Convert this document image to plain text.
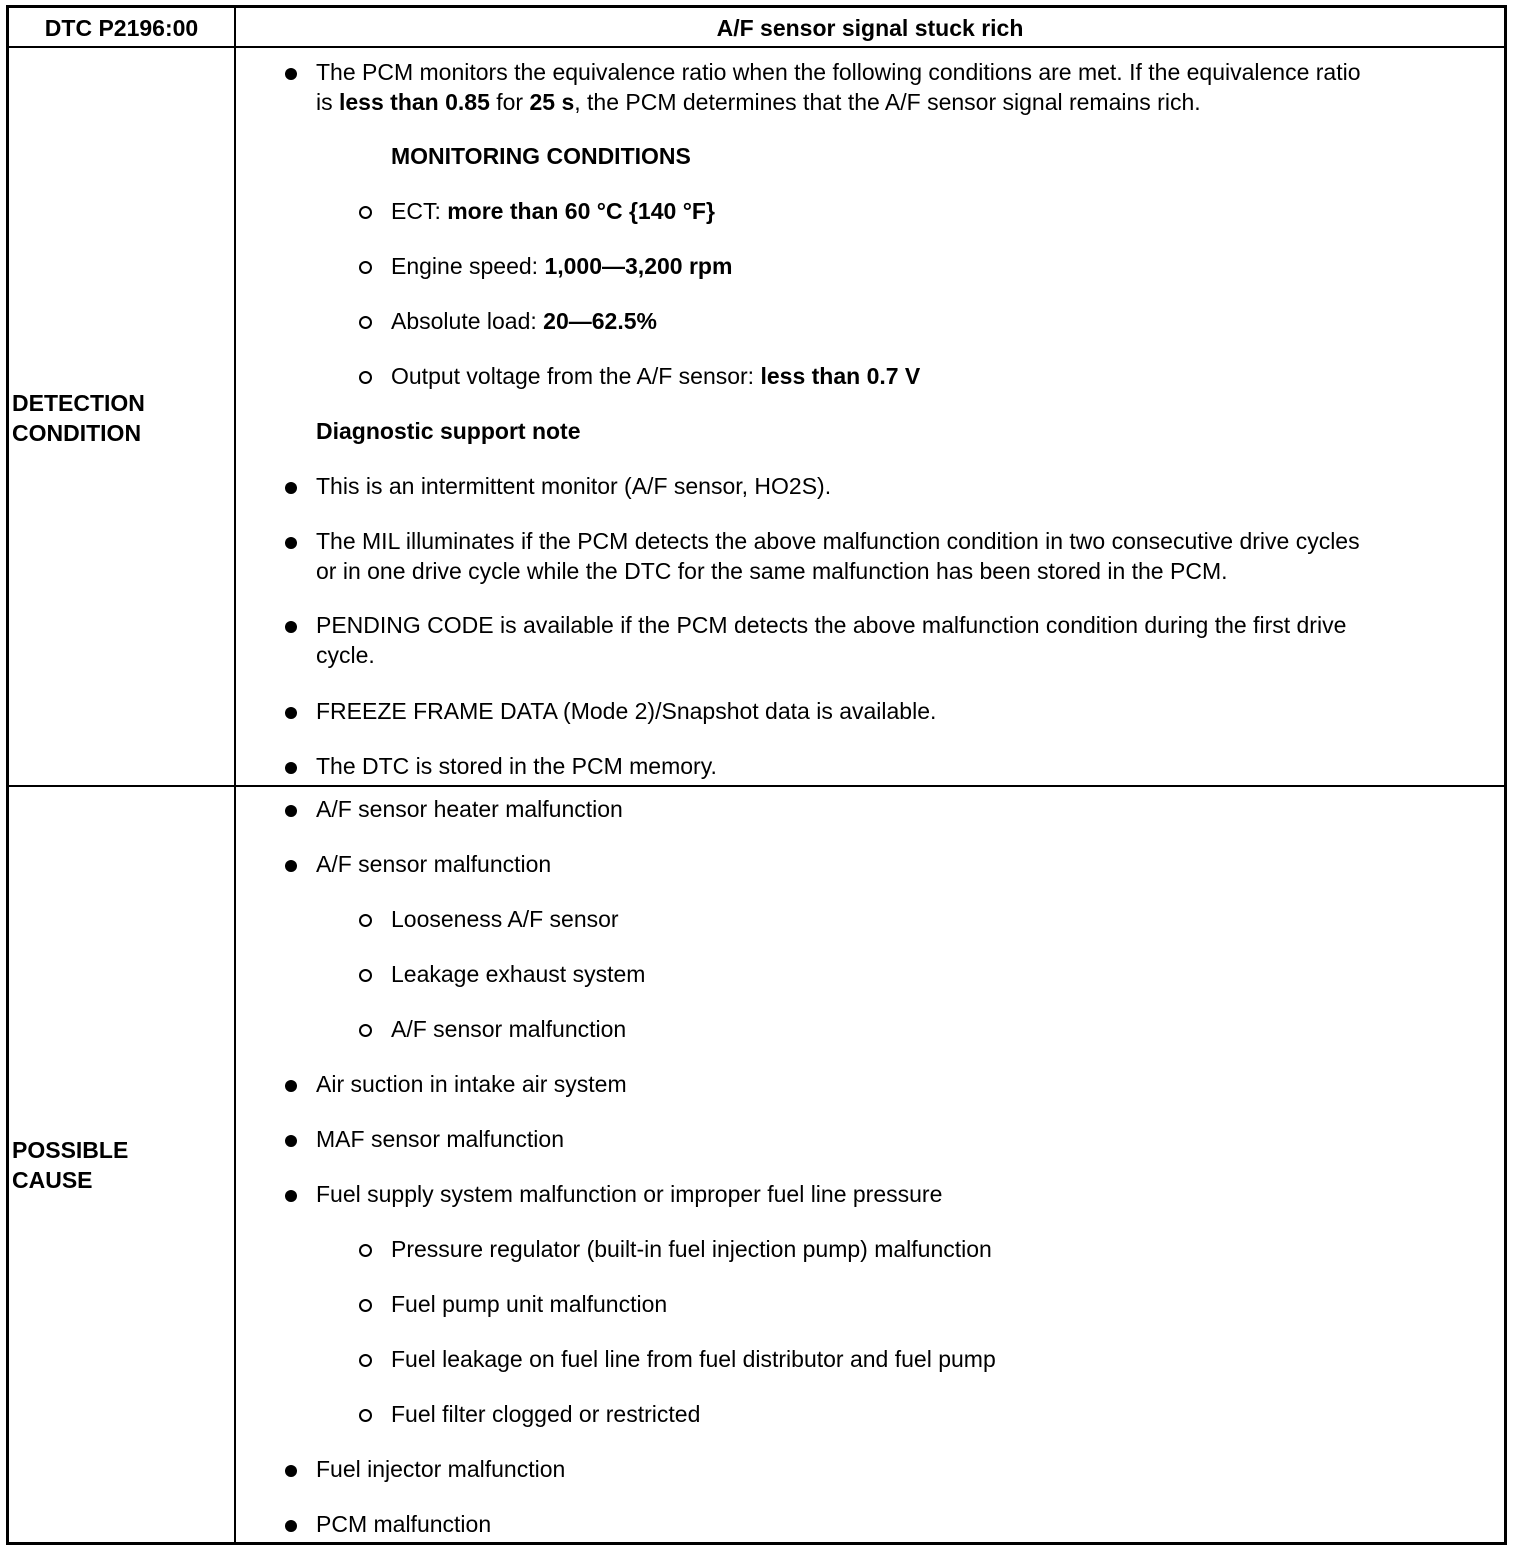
DTC P2196:00	A/F sensor signal stuck rich
DETECTION
CONDITION
The PCM monitors the equivalence ratio when the following conditions are met. If the equivalence ratio
is less than 0.85 for 25 s, the PCM determines that the A/F sensor signal remains rich.
MONITORING CONDITIONS
ECT: more than 60 °C {140 °F}
Engine speed: 1,000—3,200 rpm
Absolute load: 20—62.5%
Output voltage from the A/F sensor: less than 0.7 V
Diagnostic support note
This is an intermittent monitor (A/F sensor, HO2S).
The MIL illuminates if the PCM detects the above malfunction condition in two consecutive drive cycles
or in one drive cycle while the DTC for the same malfunction has been stored in the PCM.
PENDING CODE is available if the PCM detects the above malfunction condition during the first drive
cycle.
FREEZE FRAME DATA (Mode 2)/Snapshot data is available.
The DTC is stored in the PCM memory.
POSSIBLE
CAUSE
A/F sensor heater malfunction
A/F sensor malfunction
Looseness A/F sensor
Leakage exhaust system
A/F sensor malfunction
Air suction in intake air system
MAF sensor malfunction
Fuel supply system malfunction or improper fuel line pressure
Pressure regulator (built-in fuel injection pump) malfunction
Fuel pump unit malfunction
Fuel leakage on fuel line from fuel distributor and fuel pump
Fuel filter clogged or restricted
Fuel injector malfunction
PCM malfunction
